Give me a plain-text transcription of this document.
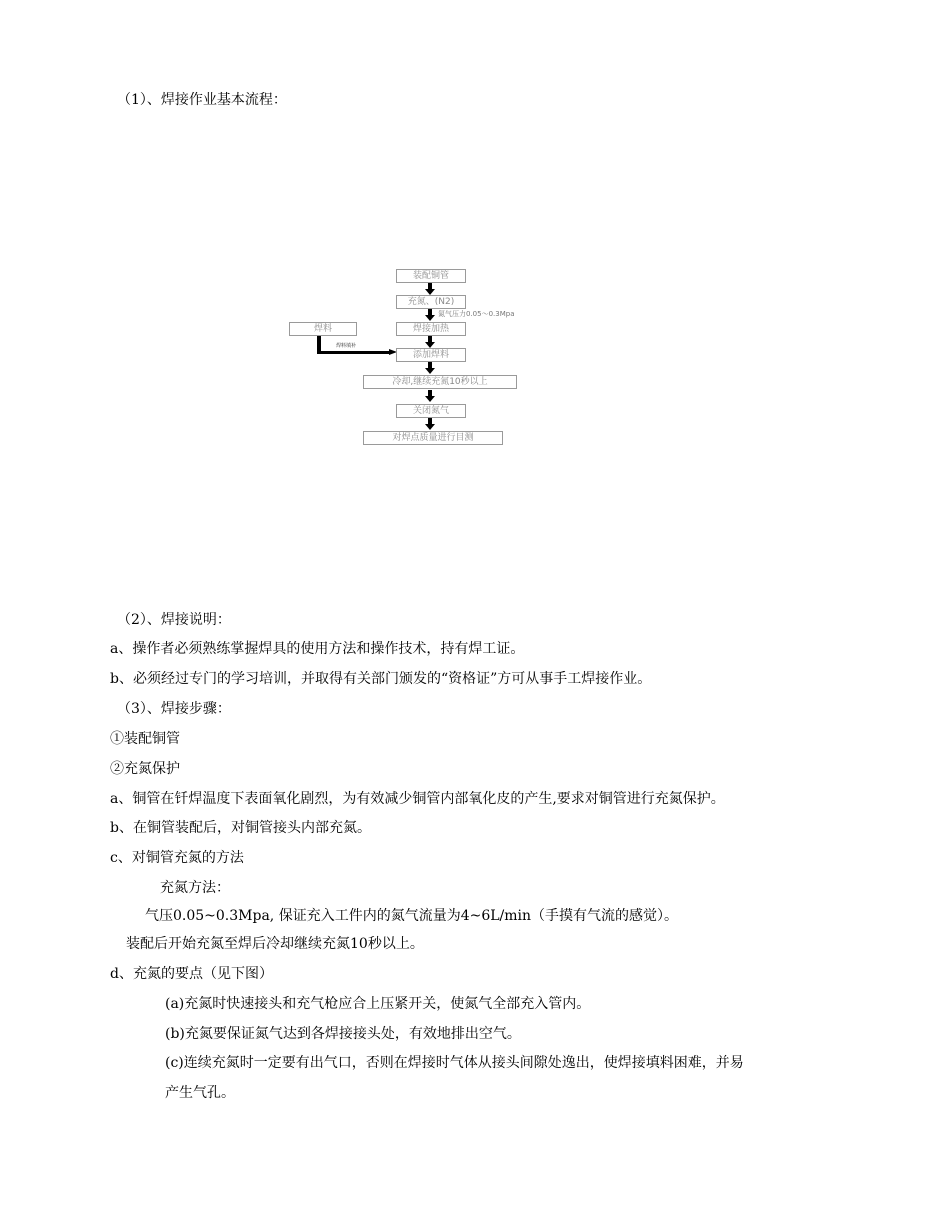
（1）、焊接作业基本流程：
装配铜管
充氮、(N2)
氮气压力0.05～0.3Mpa
焊料	焊接加热
焊料填补
添加焊料
冷却,继续充氮10秒以上
关闭氮气
对焊点质量进行目测
（2）、焊接说明：
a、操作者必须熟练掌握焊具的使用方法和操作技术，持有焊工证。
b、必须经过专门的学习培训，并取得有关部门颁发的“资格证”方可从事手工焊接作业。
（3）、焊接步骤：
①装配铜管
②充氮保护
a、铜管在钎焊温度下表面氧化剧烈，为有效减少铜管内部氧化皮的产生,要求对铜管进行充氮保护。
b、在铜管装配后，对铜管接头内部充氮。
c、对铜管充氮的方法
充氮方法：
气压0.05~0.3Mpa, 保证充入工件内的氮气流量为4~6L/min（手摸有气流的感觉）。
装配后开始充氮至焊后冷却继续充氮10秒以上。
d、充氮的要点（见下图）
(a)充氮时快速接头和充气枪应合上压紧开关，使氮气全部充入管内。
(b)充氮要保证氮气达到各焊接接头处，有效地排出空气。
(c)连续充氮时一定要有出气口，否则在焊接时气体从接头间隙处逸出，使焊接填料困难，并易
产生气孔。
